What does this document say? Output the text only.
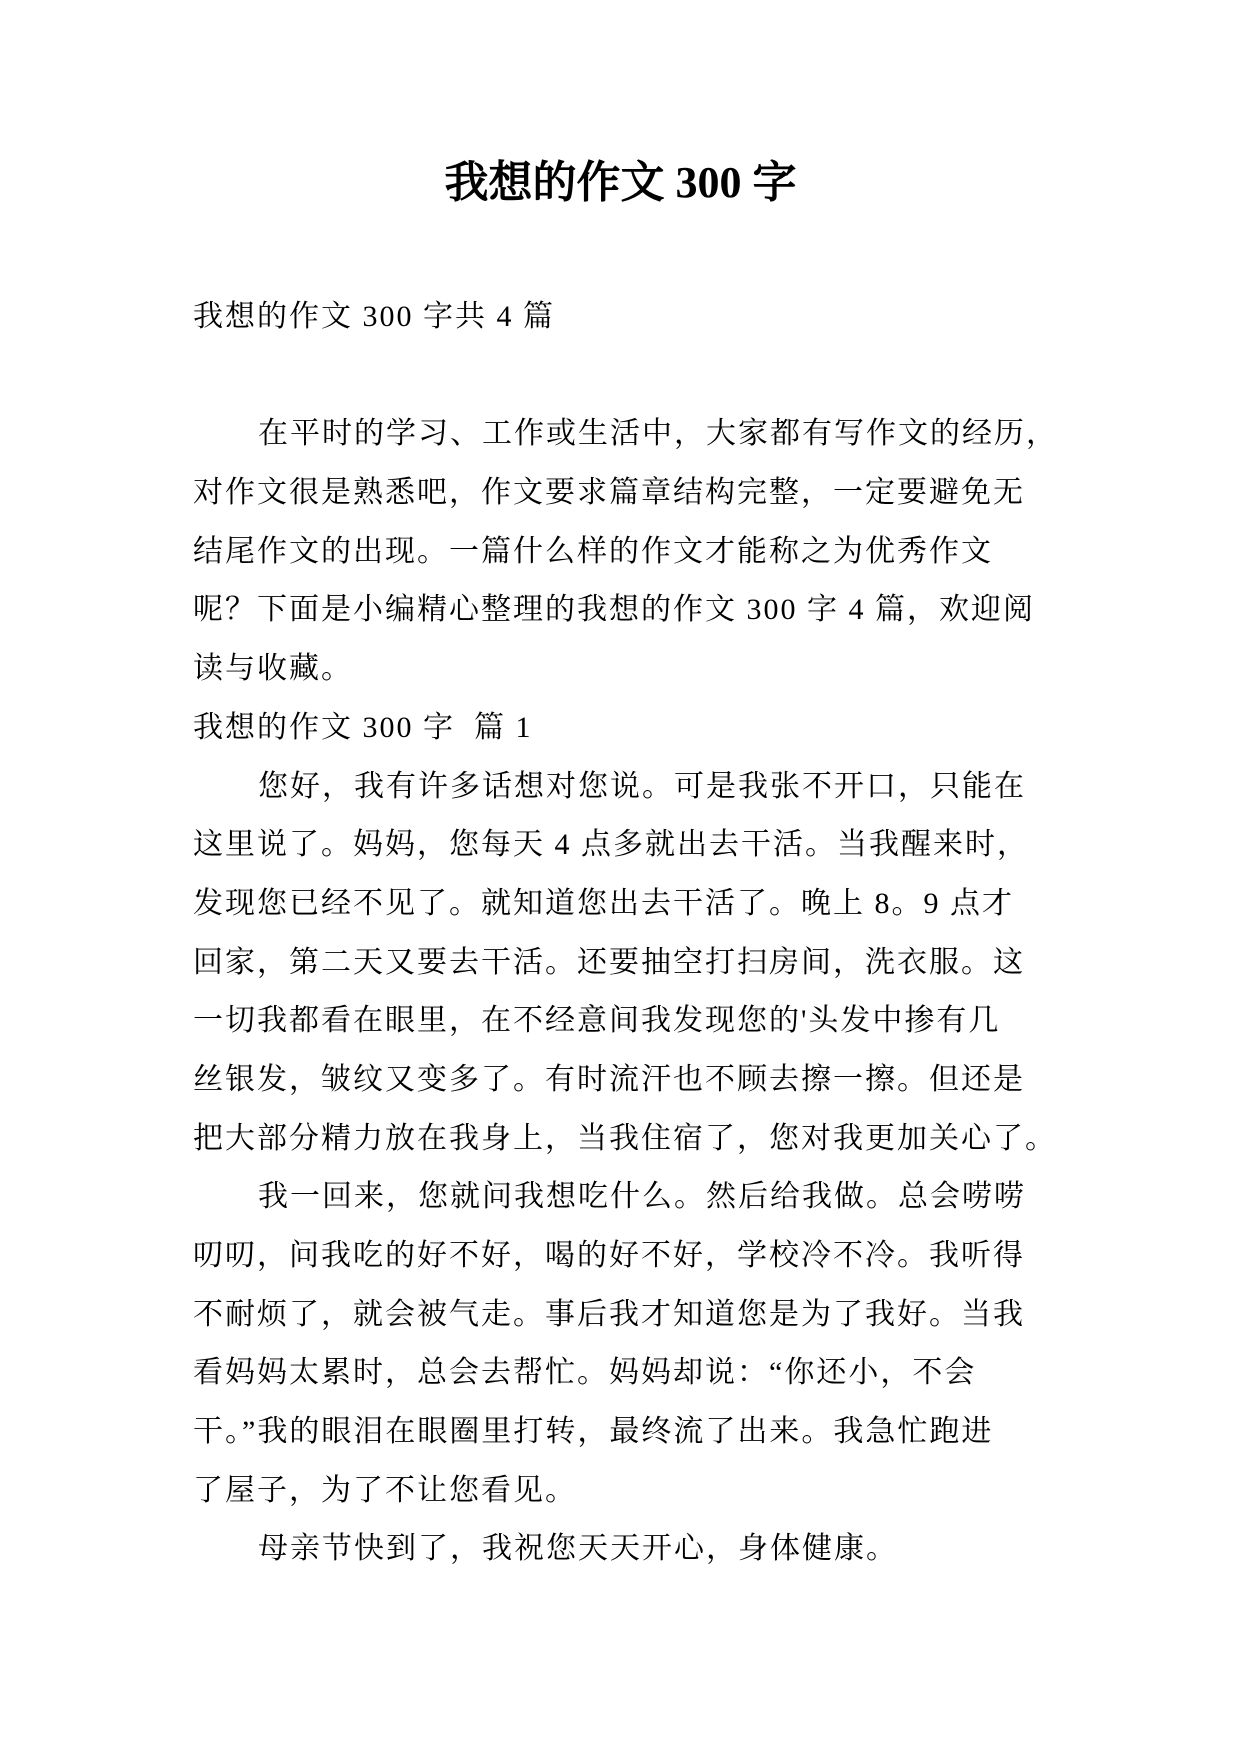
我想的作文 300 字
我想的作文 300 字共 4 篇
在平时的学习、工作或生活中，大家都有写作文的经历，
对作文很是熟悉吧，作文要求篇章结构完整，一定要避免无
结尾作文的出现。一篇什么样的作文才能称之为优秀作文
呢？下面是小编精心整理的我想的作文 300 字 4 篇，欢迎阅
读与收藏。
我想的作文 300 字  篇 1
您好，我有许多话想对您说。可是我张不开口，只能在
这里说了。妈妈，您每天 4 点多就出去干活。当我醒来时，
发现您已经不见了。就知道您出去干活了。晚上 8。9 点才
回家，第二天又要去干活。还要抽空打扫房间，洗衣服。这
一切我都看在眼里，在不经意间我发现您的'头发中掺有几
丝银发，皱纹又变多了。有时流汗也不顾去擦一擦。但还是
把大部分精力放在我身上，当我住宿了，您对我更加关心了。
我一回来，您就问我想吃什么。然后给我做。总会唠唠
叨叨，问我吃的好不好，喝的好不好，学校冷不冷。我听得
不耐烦了，就会被气走。事后我才知道您是为了我好。当我
看妈妈太累时，总会去帮忙。妈妈却说：“你还小，不会
干。”我的眼泪在眼圈里打转，最终流了出来。我急忙跑进
了屋子，为了不让您看见。
母亲节快到了，我祝您天天开心，身体健康。
